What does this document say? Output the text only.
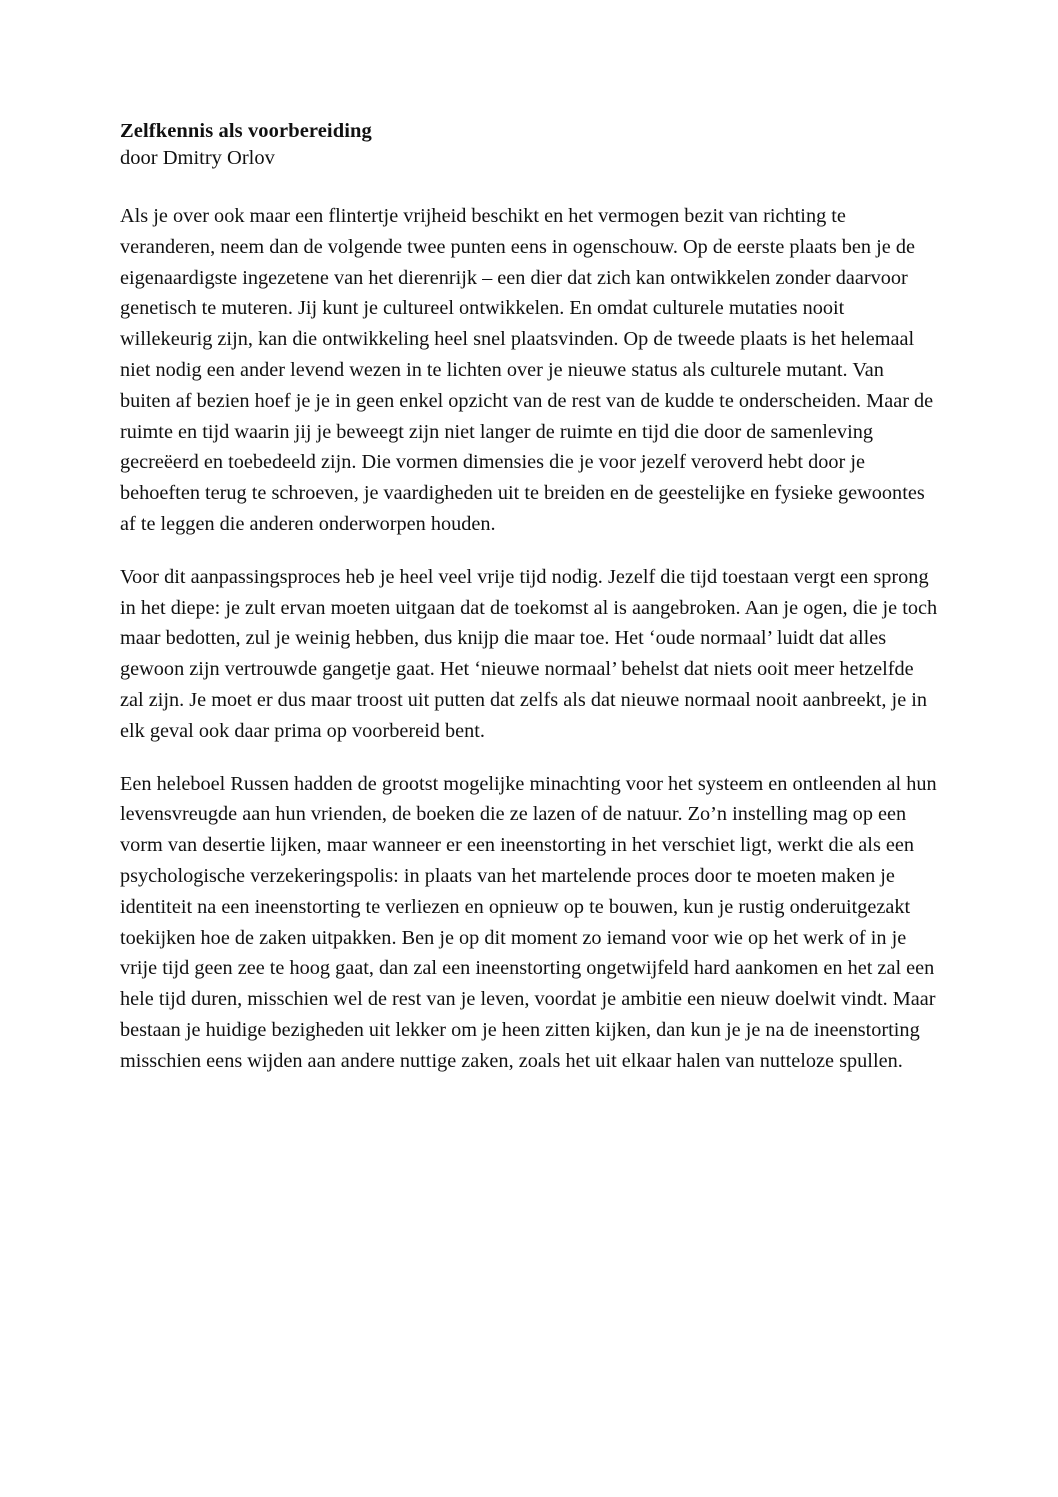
Zelfkennis als voorbereiding

door Dmitry Orlov

Als je over ook maar een flintertje vrijheid beschikt en het vermogen bezit van richting te veranderen, neem dan de volgende twee punten eens in ogenschouw. Op de eerste plaats ben je de eigenaardigste ingezetene van het dierenrijk – een dier dat zich kan ontwikkelen zonder daarvoor genetisch te muteren. Jij kunt je cultureel ontwikkelen. En omdat culturele mutaties nooit willekeurig zijn, kan die ontwikkeling heel snel plaatsvinden. Op de tweede plaats is het helemaal niet nodig een ander levend wezen in te lichten over je nieuwe status als culturele mutant. Van buiten af bezien hoef je je in geen enkel opzicht van de rest van de kudde te onderscheiden. Maar de ruimte en tijd waarin jij je beweegt zijn niet langer de ruimte en tijd die door de samenleving gecreëerd en toebedeeld zijn. Die vormen dimensies die je voor jezelf veroverd hebt door je behoeften terug te schroeven, je vaardigheden uit te breiden en de geestelijke en fysieke gewoontes af te leggen die anderen onderworpen houden.

Voor dit aanpassingsproces heb je heel veel vrije tijd nodig. Jezelf die tijd toestaan vergt een sprong in het diepe: je zult ervan moeten uitgaan dat de toekomst al is aangebroken. Aan je ogen, die je toch maar bedotten, zul je weinig hebben, dus knijp die maar toe. Het ‘oude normaal’ luidt dat alles gewoon zijn vertrouwde gangetje gaat. Het ‘nieuwe normaal’ behelst dat niets ooit meer hetzelfde zal zijn. Je moet er dus maar troost uit putten dat zelfs als dat nieuwe normaal nooit aanbreekt, je in elk geval ook daar prima op voorbereid bent.

Een heleboel Russen hadden de grootst mogelijke minachting voor het systeem en ontleenden al hun levensvreugde aan hun vrienden, de boeken die ze lazen of de natuur. Zo’n instelling mag op een vorm van desertie lijken, maar wanneer er een ineenstorting in het verschiet ligt, werkt die als een psychologische verzekeringspolis: in plaats van het martelende proces door te moeten maken je identiteit na een ineenstorting te verliezen en opnieuw op te bouwen, kun je rustig onderuitgezakt toekijken hoe de zaken uitpakken. Ben je op dit moment zo iemand voor wie op het werk of in je vrije tijd geen zee te hoog gaat, dan zal een ineenstorting ongetwijfeld hard aankomen en het zal een hele tijd duren, misschien wel de rest van je leven, voordat je ambitie een nieuw doelwit vindt. Maar bestaan je huidige bezigheden uit lekker om je heen zitten kijken, dan kun je je na de ineenstorting misschien eens wijden aan andere nuttige zaken, zoals het uit elkaar halen van nutteloze spullen.
